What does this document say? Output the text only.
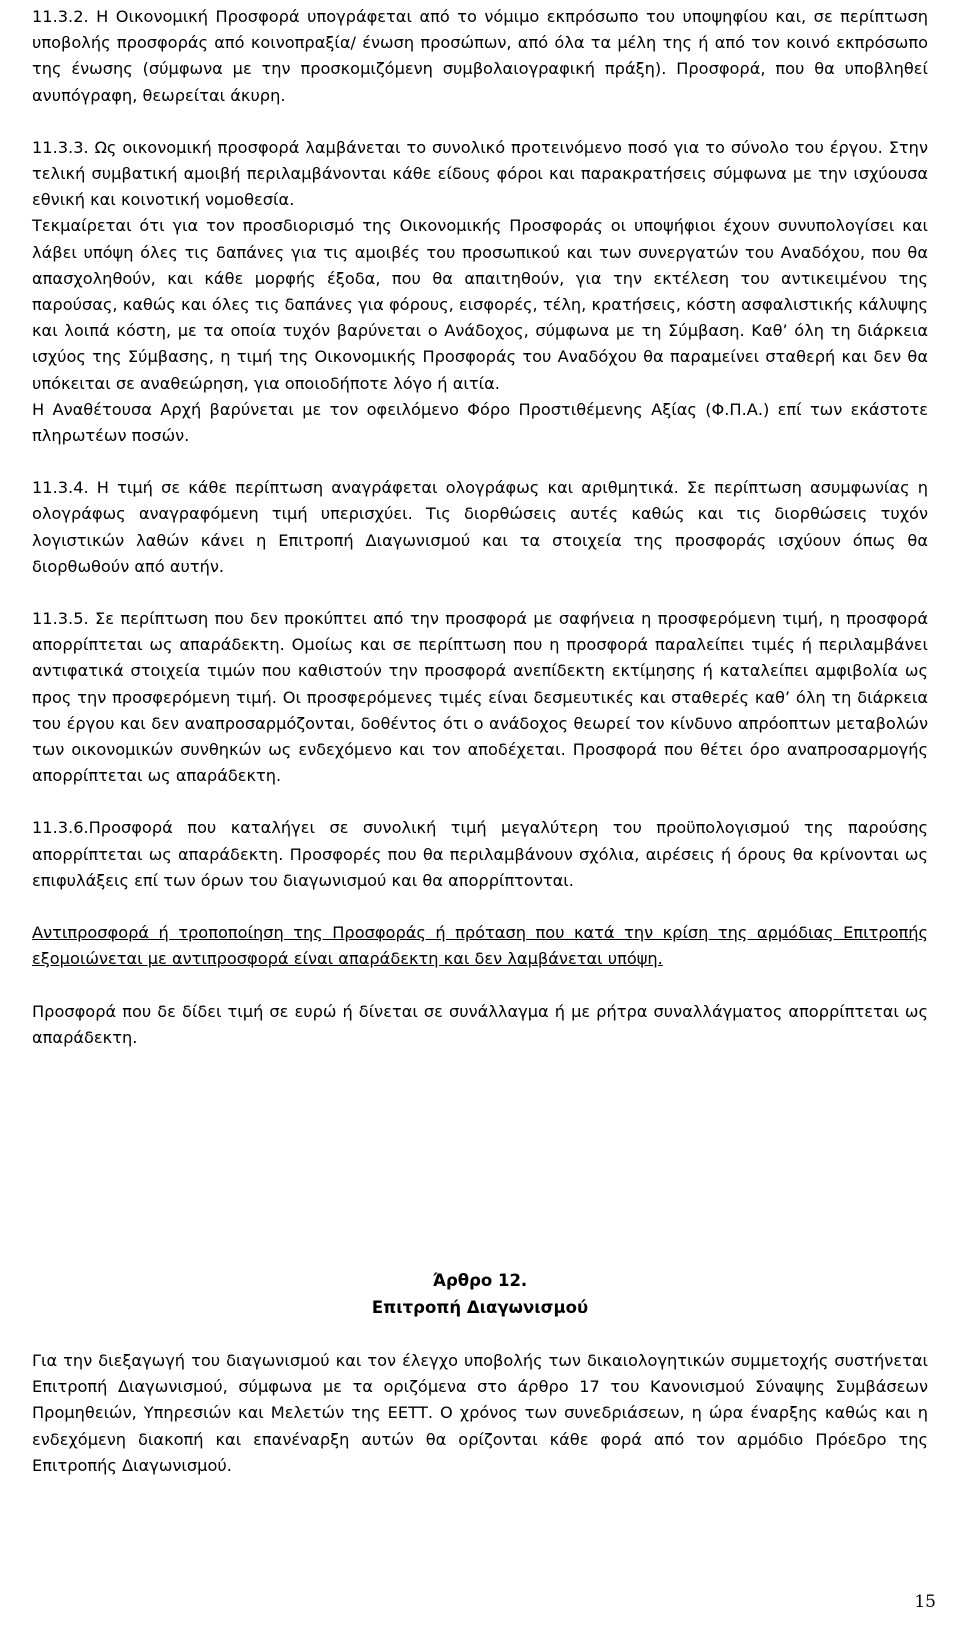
11.3.2. Η Οικονομική Προσφορά υπογράφεται από το νόμιμο εκπρόσωπο του υποψηφίου και, σε περίπτωση υποβολής προσφοράς από κοινοπραξία/ ένωση προσώπων, από όλα τα μέλη της ή από τον κοινό εκπρόσωπο της ένωσης (σύμφωνα με την προσκομιζόμενη συμβολαιογραφική πράξη). Προσφορά, που θα υποβληθεί ανυπόγραφη, θεωρείται άκυρη.

11.3.3. Ως οικονομική προσφορά λαμβάνεται το συνολικό προτεινόμενο ποσό για το σύνολο του έργου. Στην τελική συμβατική αμοιβή περιλαμβάνονται κάθε είδους φόροι και παρακρατήσεις σύμφωνα με την ισχύουσα εθνική και κοινοτική νομοθεσία.

Τεκμαίρεται ότι για τον προσδιορισμό της Οικονομικής Προσφοράς οι υποψήφιοι έχουν συνυπολογίσει και λάβει υπόψη όλες τις δαπάνες για τις αμοιβές του προσωπικού και των συνεργατών του Αναδόχου, που θα απασχοληθούν, και κάθε μορφής έξοδα, που θα απαιτηθούν, για την εκτέλεση του αντικειμένου της παρούσας, καθώς και όλες τις δαπάνες για φόρους, εισφορές, τέλη, κρατήσεις, κόστη ασφαλιστικής κάλυψης και λοιπά κόστη, με τα οποία τυχόν βαρύνεται ο Ανάδοχος, σύμφωνα με τη Σύμβαση. Καθ’ όλη τη διάρκεια ισχύος της Σύμβασης, η τιμή της Οικονομικής Προσφοράς του Αναδόχου θα παραμείνει σταθερή και δεν θα υπόκειται σε αναθεώρηση, για οποιοδήποτε λόγο ή αιτία.

Η Αναθέτουσα Αρχή βαρύνεται με τον οφειλόμενο Φόρο Προστιθέμενης Αξίας (Φ.Π.Α.) επί των εκάστοτε πληρωτέων ποσών.

11.3.4. Η τιμή σε κάθε περίπτωση αναγράφεται ολογράφως και αριθμητικά. Σε περίπτωση ασυμφωνίας η ολογράφως αναγραφόμενη τιμή υπερισχύει. Τις διορθώσεις αυτές καθώς και τις διορθώσεις τυχόν λογιστικών λαθών κάνει η Επιτροπή Διαγωνισμού και τα στοιχεία της προσφοράς ισχύουν όπως θα διορθωθούν από αυτήν.

11.3.5. Σε περίπτωση που δεν προκύπτει από την προσφορά με σαφήνεια η προσφερόμενη τιμή, η προσφορά απορρίπτεται ως απαράδεκτη. Ομοίως και σε περίπτωση που η προσφορά παραλείπει τιμές ή περιλαμβάνει αντιφατικά στοιχεία τιμών που καθιστούν την προσφορά ανεπίδεκτη εκτίμησης ή καταλείπει αμφιβολία ως προς την προσφερόμενη τιμή. Οι προσφερόμενες τιμές είναι δεσμευτικές και σταθερές καθ’ όλη τη διάρκεια του έργου και δεν αναπροσαρμόζονται, δοθέντος ότι ο ανάδοχος θεωρεί τον κίνδυνο απρόοπτων μεταβολών των οικονομικών συνθηκών ως ενδεχόμενο και τον αποδέχεται. Προσφορά που θέτει όρο αναπροσαρμογής απορρίπτεται ως απαράδεκτη.

11.3.6.Προσφορά που καταλήγει σε συνολική τιμή μεγαλύτερη του προϋπολογισμού της παρούσης απορρίπτεται ως απαράδεκτη. Προσφορές που θα περιλαμβάνουν σχόλια, αιρέσεις ή όρους θα κρίνονται ως επιφυλάξεις επί των όρων του διαγωνισμού και θα απορρίπτονται.

Αντιπροσφορά ή τροποποίηση της Προσφοράς ή πρόταση που κατά την κρίση της αρμόδιας Επιτροπής εξομοιώνεται με αντιπροσφορά είναι απαράδεκτη και δεν λαμβάνεται υπόψη.

Προσφορά που δε δίδει τιμή σε ευρώ ή δίνεται σε συνάλλαγμα ή με ρήτρα συναλλάγματος απορρίπτεται ως απαράδεκτη.

Άρθρο 12.

Επιτροπή Διαγωνισμού

Για την διεξαγωγή του διαγωνισμού και τον έλεγχο υποβολής των δικαιολογητικών συμμετοχής συστήνεται Επιτροπή Διαγωνισμού, σύμφωνα με τα οριζόμενα στο άρθρο 17 του Κανονισμού Σύναψης Συμβάσεων Προμηθειών, Υπηρεσιών και Μελετών της ΕΕΤΤ. Ο χρόνος των συνεδριάσεων, η ώρα έναρξης καθώς και η ενδεχόμενη διακοπή και επανέναρξη αυτών θα ορίζονται κάθε φορά από τον αρμόδιο Πρόεδρο της Επιτροπής Διαγωνισμού.

15
